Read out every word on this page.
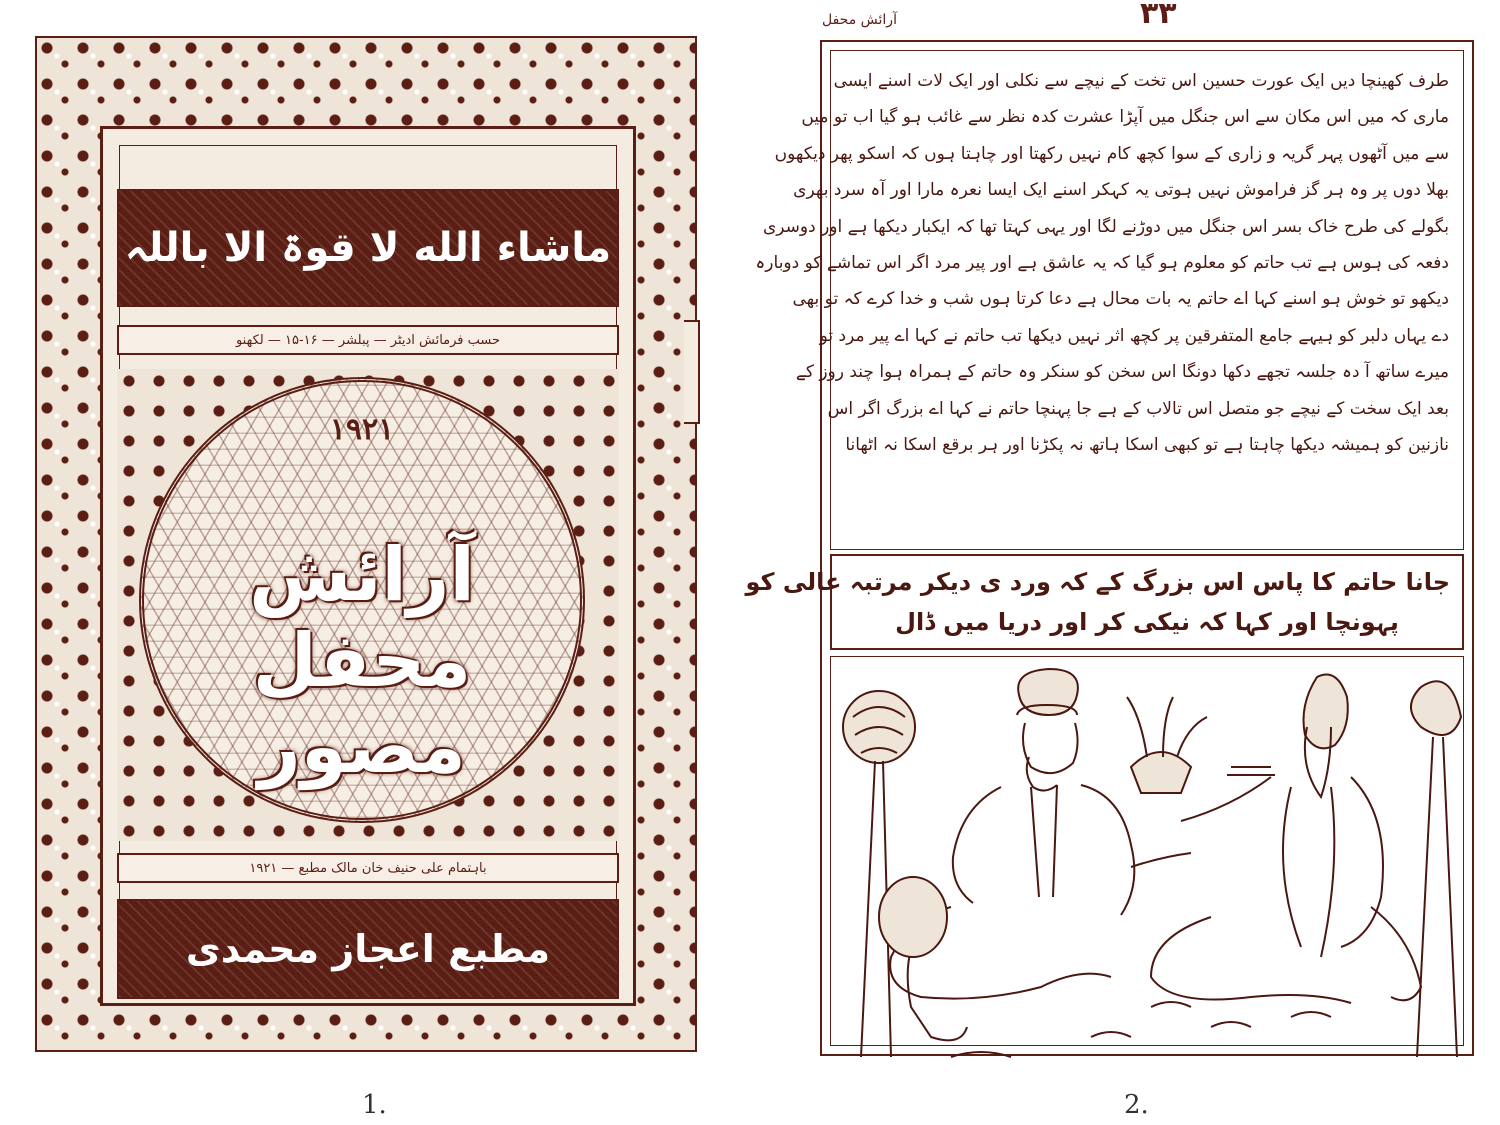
ماشاء الله لا قوۃ الا باللہ
حسب فرمائش ادیٹر — پبلشر — ۱۶-۱۵ — لکھنو
۱۹۲۱
آرائش محفل مصور
باہتمام علی حنیف خان مالک مطبع — ۱۹۲۱
مطبع اعجاز محمدی
1.
۳۳
آرائش محفل
طرف کھینچا دیں ایک عورت حسین اس تخت کے نیچے سے نکلی اور ایک لات اسنے ایسی
ماری کہ میں اس مکان سے اس جنگل میں آپڑا عشرت کدہ نظر سے غائب ہو گیا اب تو میں
سے میں آٹھوں پہر گریہ و زاری کے سوا کچھ کام نہیں رکھتا اور چاہتا ہوں کہ اسکو پھر دیکھوں
بھلا دوں پر وہ ہر گز فراموش نہیں ہوتی یہ کہکر اسنے ایک ایسا نعرہ مارا اور آہ سرد بھری
بگولے کی طرح خاک بسر اس جنگل میں دوڑنے لگا اور یہی کہتا تھا کہ ایکبار دیکھا ہے اور دوسری
دفعہ کی ہوس ہے تب حاتم کو معلوم ہو گیا کہ یہ عاشق ہے اور پیر مرد اگر اس تماشے کو دوبارہ
دیکھو تو خوش ہو اسنے کہا اے حاتم یہ بات محال ہے دعا کرتا ہوں شب و خدا کرے کہ تو بھی
دے یہاں دلبر کو ہیہے جامع المتفرقین پر کچھ اثر نہیں دیکھا تب حاتم نے کہا اے پیر مرد تو
میرے ساتھ آ دہ جلسہ تجھے دکھا دونگا اس سخن کو سنکر وہ حاتم کے ہمراہ ہوا چند روز کے
بعد ایک سخت کے نیچے جو متصل اس تالاب کے ہے جا پہنچا حاتم نے کہا اے بزرگ اگر اس
نازنین کو ہمیشہ دیکھا چاہتا ہے تو کبھی اسکا ہاتھ نہ پکڑنا اور ہر برقع اسکا نہ اٹھانا
جانا حاتم کا پاس اس بزرگ کے کہ ورد ی دیکر مرتبہ عالی کو
پہونچا اور کہا کہ نیکی کر اور دریا میں ڈال
2.
